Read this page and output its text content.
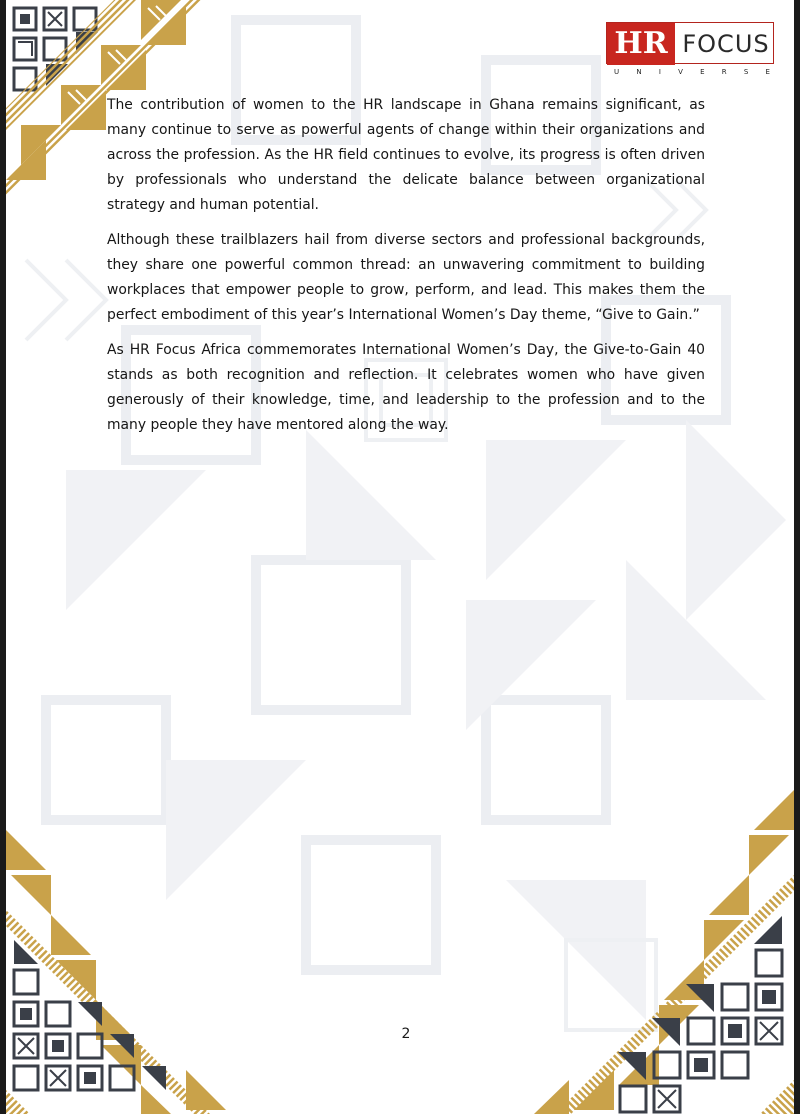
HR FOCUS
U N I V E R S E

The contribution of women to the HR landscape in Ghana remains significant, as many continue to serve as powerful agents of change within their organizations and across the profession. As the HR field continues to evolve, its progress is often driven by professionals who understand the delicate balance between organizational strategy and human potential.

Although these trailblazers hail from diverse sectors and professional backgrounds, they share one powerful common thread: an unwavering commitment to building workplaces that empower people to grow, perform, and lead. This makes them the perfect embodiment of this year’s International Women’s Day theme, “Give to Gain.”

As HR Focus Africa commemorates International Women’s Day, the Give-to-Gain 40 stands as both recognition and reflection. It celebrates women who have given generously of their knowledge, time, and leadership to the profession and to the many people they have mentored along the way.

2
